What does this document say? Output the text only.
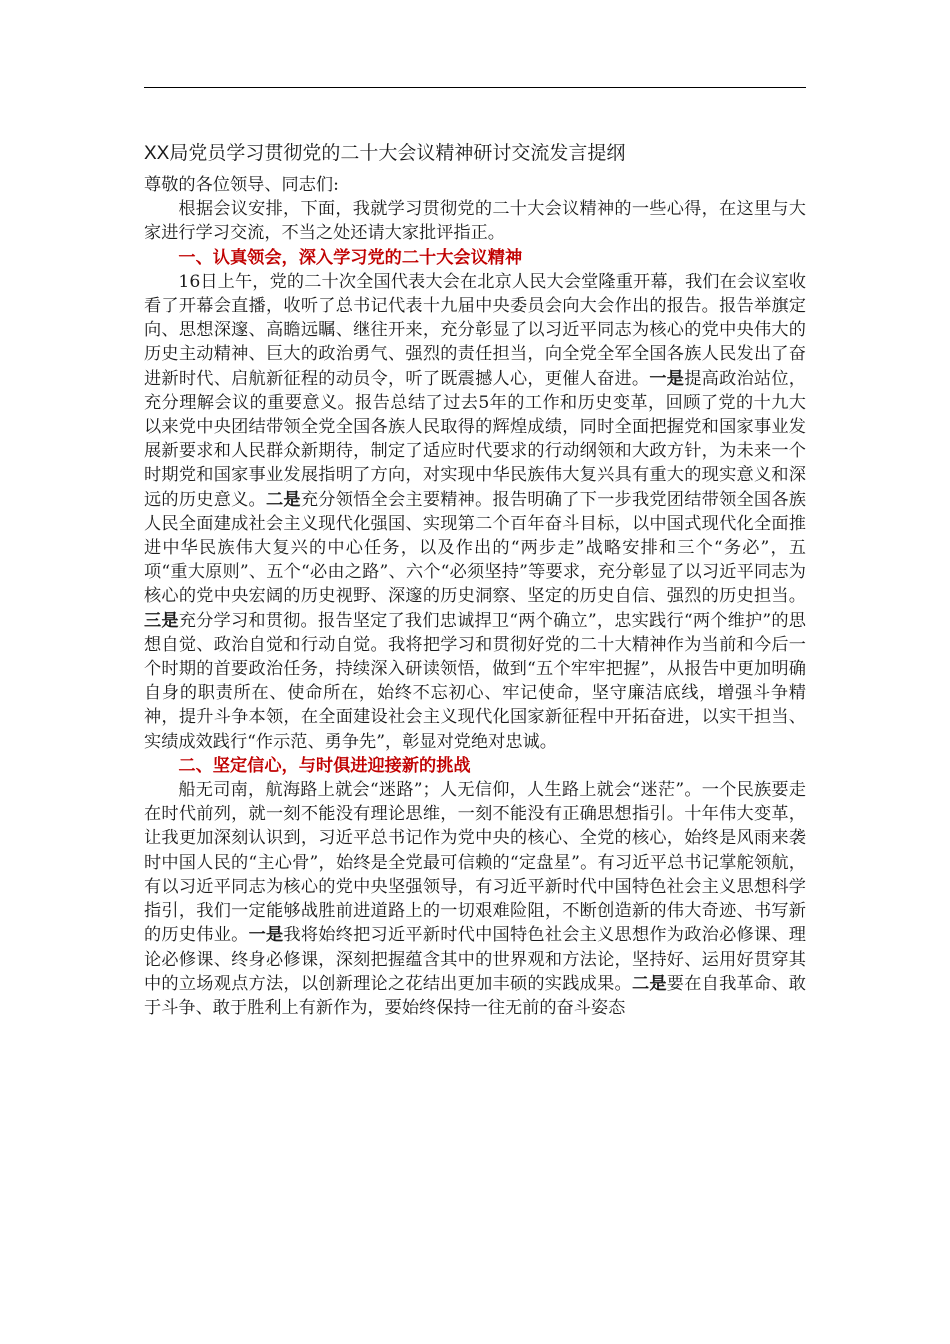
XX局党员学习贯彻党的二十大会议精神研讨交流发言提纲

尊敬的各位领导、同志们:

根据会议安排，下面，我就学习贯彻党的二十大会议精神的一些心得，在这里与大家进行学习交流，不当之处还请大家批评指正。

一、认真领会，深入学习党的二十大会议精神

16日上午，党的二十次全国代表大会在北京人民大会堂隆重开幕，我们在会议室收看了开幕会直播，收听了总书记代表十九届中央委员会向大会作出的报告。报告举旗定向、思想深邃、高瞻远瞩、继往开来，充分彰显了以习近平同志为核心的党中央伟大的历史主动精神、巨大的政治勇气、强烈的责任担当，向全党全军全国各族人民发出了奋进新时代、启航新征程的动员令，听了既震撼人心，更催人奋进。一是提高政治站位，充分理解会议的重要意义。报告总结了过去5年的工作和历史变革，回顾了党的十九大以来党中央团结带领全党全国各族人民取得的辉煌成绩，同时全面把握党和国家事业发展新要求和人民群众新期待，制定了适应时代要求的行动纲领和大政方针，为未来一个时期党和国家事业发展指明了方向，对实现中华民族伟大复兴具有重大的现实意义和深远的历史意义。二是充分领悟全会主要精神。报告明确了下一步我党团结带领全国各族人民全面建成社会主义现代化强国、实现第二个百年奋斗目标，以中国式现代化全面推进中华民族伟大复兴的中心任务，以及作出的“两步走”战略安排和三个“务必”，五项“重大原则”、五个“必由之路”、六个“必须坚持”等要求，充分彰显了以习近平同志为核心的党中央宏阔的历史视野、深邃的历史洞察、坚定的历史自信、强烈的历史担当。三是充分学习和贯彻。报告坚定了我们忠诚捍卫“两个确立”，忠实践行“两个维护”的思想自觉、政治自觉和行动自觉。我将把学习和贯彻好党的二十大精神作为当前和今后一个时期的首要政治任务，持续深入研读领悟，做到“五个牢牢把握”，从报告中更加明确自身的职责所在、使命所在，始终不忘初心、牢记使命，坚守廉洁底线，增强斗争精神，提升斗争本领，在全面建设社会主义现代化国家新征程中开拓奋进，以实干担当、实绩成效践行“作示范、勇争先”，彰显对党绝对忠诚。

二、坚定信心，与时俱进迎接新的挑战

船无司南，航海路上就会“迷路”；人无信仰，人生路上就会“迷茫”。一个民族要走在时代前列，就一刻不能没有理论思维，一刻不能没有正确思想指引。十年伟大变革，让我更加深刻认识到，习近平总书记作为党中央的核心、全党的核心，始终是风雨来袭时中国人民的“主心骨”，始终是全党最可信赖的“定盘星”。有习近平总书记掌舵领航，有以习近平同志为核心的党中央坚强领导，有习近平新时代中国特色社会主义思想科学指引，我们一定能够战胜前进道路上的一切艰难险阻，不断创造新的伟大奇迹、书写新的历史伟业。一是我将始终把习近平新时代中国特色社会主义思想作为政治必修课、理论必修课、终身必修课，深刻把握蕴含其中的世界观和方法论，坚持好、运用好贯穿其中的立场观点方法，以创新理论之花结出更加丰硕的实践成果。二是要在自我革命、敢于斗争、敢于胜利上有新作为，要始终保持一往无前的奋斗姿态
